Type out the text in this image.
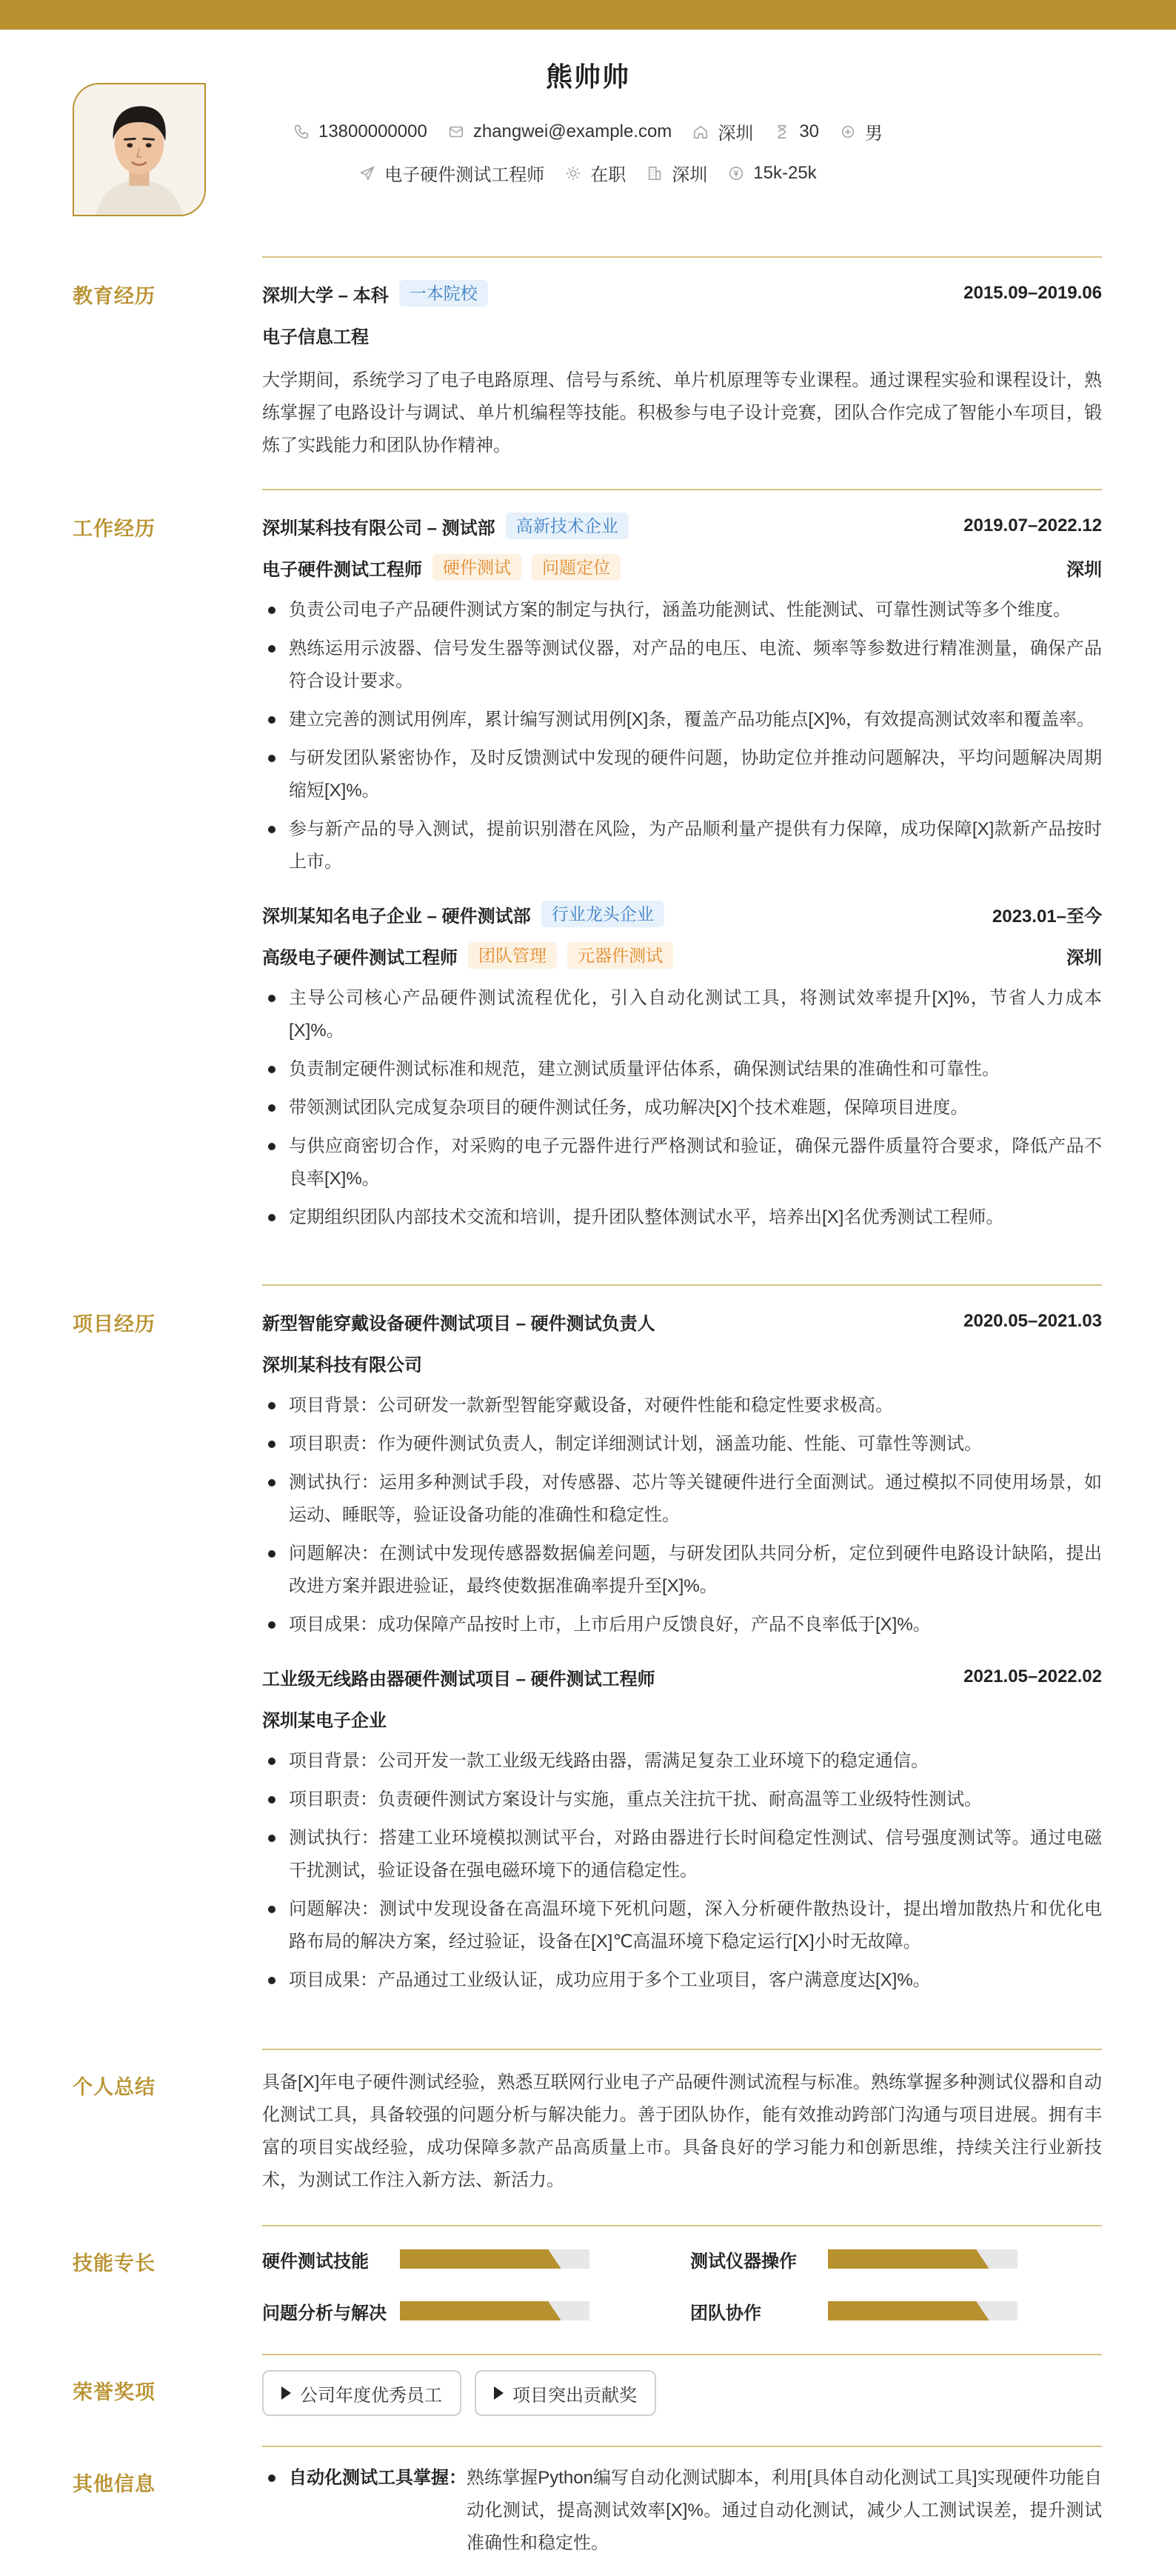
熊帅帅
13800000000	zhangwei@example.com	深圳	30	男
电子硬件测试工程师	在职	深圳	15k-25k
教育经历	深圳大学 – 本科	一本院校	2015.09–2019.06
电子信息工程
大学期间，系统学习了电子电路原理、信号与系统、单片机原理等专业课程。通过课程实验和课程设计，熟练掌握了电路设计与调试、单片机编程等技能。积极参与电子设计竞赛，团队合作完成了智能小车项目，锻炼了实践能力和团队协作精神。
工作经历	深圳某科技有限公司 – 测试部	高新技术企业	2019.07–2022.12
电子硬件测试工程师	硬件测试	问题定位	深圳
负责公司电子产品硬件测试方案的制定与执行，涵盖功能测试、性能测试、可靠性测试等多个维度。
熟练运用示波器、信号发生器等测试仪器，对产品的电压、电流、频率等参数进行精准测量，确保产品符合设计要求。
建立完善的测试用例库，累计编写测试用例[X]条，覆盖产品功能点[X]%，有效提高测试效率和覆盖率。
与研发团队紧密协作，及时反馈测试中发现的硬件问题，协助定位并推动问题解决，平均问题解决周期缩短[X]%。
参与新产品的导入测试，提前识别潜在风险，为产品顺利量产提供有力保障，成功保障[X]款新产品按时上市。
深圳某知名电子企业 – 硬件测试部	行业龙头企业	2023.01–至今
高级电子硬件测试工程师	团队管理	元器件测试	深圳
主导公司核心产品硬件测试流程优化，引入自动化测试工具，将测试效率提升[X]%，节省人力成本[X]%。
负责制定硬件测试标准和规范，建立测试质量评估体系，确保测试结果的准确性和可靠性。
带领测试团队完成复杂项目的硬件测试任务，成功解决[X]个技术难题，保障项目进度。
与供应商密切合作，对采购的电子元器件进行严格测试和验证，确保元器件质量符合要求，降低产品不良率[X]%。
定期组织团队内部技术交流和培训，提升团队整体测试水平，培养出[X]名优秀测试工程师。
项目经历	新型智能穿戴设备硬件测试项目 – 硬件测试负责人	2020.05–2021.03
深圳某科技有限公司
项目背景：公司研发一款新型智能穿戴设备，对硬件性能和稳定性要求极高。
项目职责：作为硬件测试负责人，制定详细测试计划，涵盖功能、性能、可靠性等测试。
测试执行：运用多种测试手段，对传感器、芯片等关键硬件进行全面测试。通过模拟不同使用场景，如运动、睡眠等，验证设备功能的准确性和稳定性。
问题解决：在测试中发现传感器数据偏差问题，与研发团队共同分析，定位到硬件电路设计缺陷，提出改进方案并跟进验证，最终使数据准确率提升至[X]%。
项目成果：成功保障产品按时上市，上市后用户反馈良好，产品不良率低于[X]%。
工业级无线路由器硬件测试项目 – 硬件测试工程师	2021.05–2022.02
深圳某电子企业
项目背景：公司开发一款工业级无线路由器，需满足复杂工业环境下的稳定通信。
项目职责：负责硬件测试方案设计与实施，重点关注抗干扰、耐高温等工业级特性测试。
测试执行：搭建工业环境模拟测试平台，对路由器进行长时间稳定性测试、信号强度测试等。通过电磁干扰测试，验证设备在强电磁环境下的通信稳定性。
问题解决：测试中发现设备在高温环境下死机问题，深入分析硬件散热设计，提出增加散热片和优化电路布局的解决方案，经过验证，设备在[X]℃高温环境下稳定运行[X]小时无故障。
项目成果：产品通过工业级认证，成功应用于多个工业项目，客户满意度达[X]%。
个人总结	具备[X]年电子硬件测试经验，熟悉互联网行业电子产品硬件测试流程与标准。熟练掌握多种测试仪器和自动化测试工具，具备较强的问题分析与解决能力。善于团队协作，能有效推动跨部门沟通与项目进展。拥有丰富的项目实战经验，成功保障多款产品高质量上市。具备良好的学习能力和创新思维，持续关注行业新技术，为测试工作注入新方法、新活力。
技能专长	硬件测试技能	测试仪器操作
问题分析与解决	团队协作
荣誉奖项	公司年度优秀员工	项目突出贡献奖
其他信息	自动化测试工具掌握： 熟练掌握Python编写自动化测试脚本，利用[具体自动化测试工具]实现硬件功能自动化测试，提高测试效率[X]%。通过自动化测试，减少人工测试误差，提升测试准确性和稳定性。
